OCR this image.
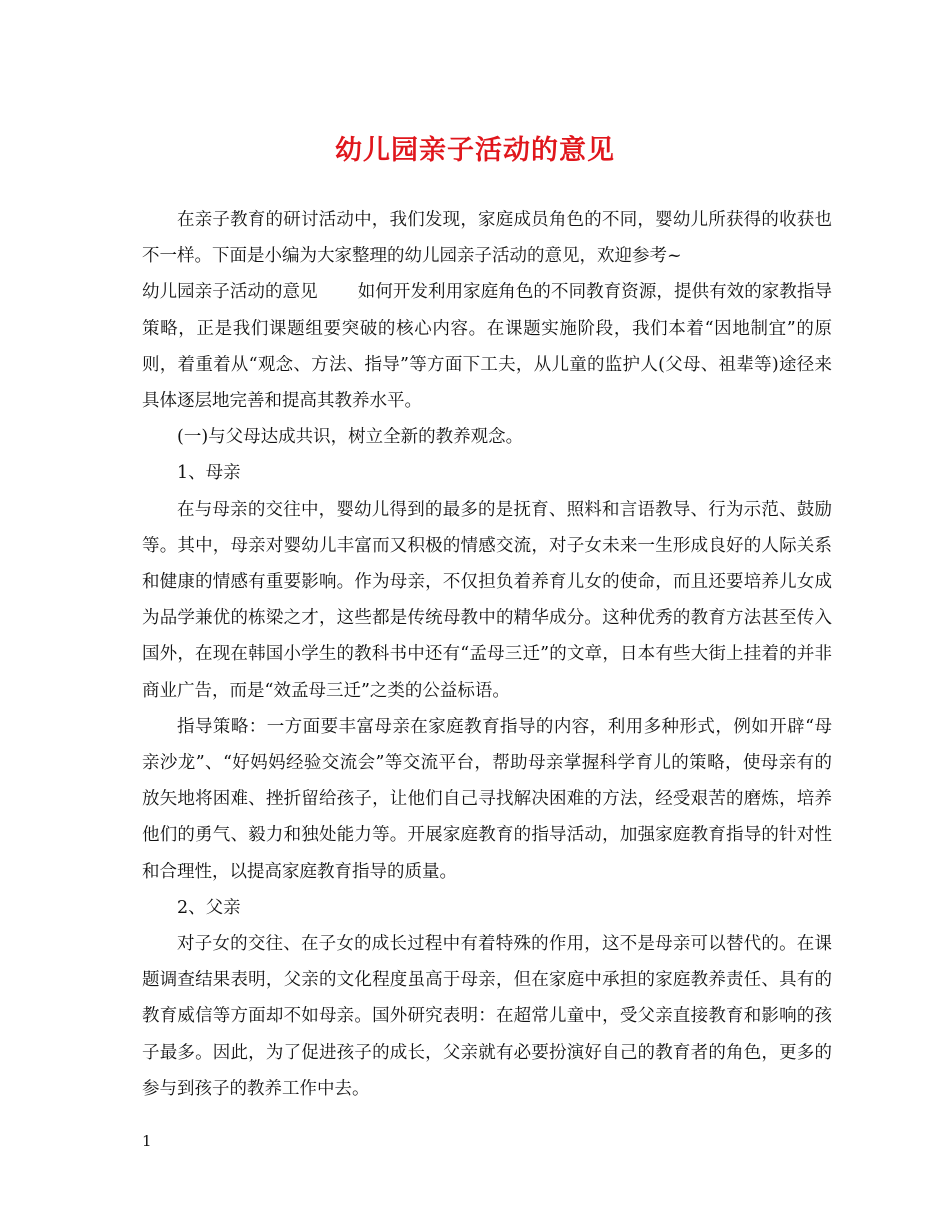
幼儿园亲子活动的意见

在亲子教育的研讨活动中，我们发现，家庭成员角色的不同，婴幼儿所获得的收获也不一样。下面是小编为大家整理的幼儿园亲子活动的意见，欢迎参考~

幼儿园亲子活动的意见 如何开发利用家庭角色的不同教育资源，提供有效的家教指导策略，正是我们课题组要突破的核心内容。在课题实施阶段，我们本着“因地制宜”的原则，着重着从“观念、方法、指导”等方面下工夫，从儿童的监护人(父母、祖辈等)途径来具体逐层地完善和提高其教养水平。

(一)与父母达成共识，树立全新的教养观念。

1、母亲

在与母亲的交往中，婴幼儿得到的最多的是抚育、照料和言语教导、行为示范、鼓励等。其中，母亲对婴幼儿丰富而又积极的情感交流，对子女未来一生形成良好的人际关系和健康的情感有重要影响。作为母亲，不仅担负着养育儿女的使命，而且还要培养儿女成为品学兼优的栋梁之才，这些都是传统母教中的精华成分。这种优秀的教育方法甚至传入国外，在现在韩国小学生的教科书中还有“孟母三迁”的文章，日本有些大街上挂着的并非商业广告，而是“效孟母三迁”之类的公益标语。

指导策略：一方面要丰富母亲在家庭教育指导的内容，利用多种形式，例如开辟“母亲沙龙”、“好妈妈经验交流会”等交流平台，帮助母亲掌握科学育儿的策略，使母亲有的放矢地将困难、挫折留给孩子，让他们自己寻找解决困难的方法，经受艰苦的磨炼，培养他们的勇气、毅力和独处能力等。开展家庭教育的指导活动，加强家庭教育指导的针对性和合理性，以提高家庭教育指导的质量。

2、父亲

对子女的交往、在子女的成长过程中有着特殊的作用，这不是母亲可以替代的。在课题调查结果表明，父亲的文化程度虽高于母亲，但在家庭中承担的家庭教养责任、具有的教育威信等方面却不如母亲。国外研究表明：在超常儿童中，受父亲直接教育和影响的孩子最多。因此，为了促进孩子的成长，父亲就有必要扮演好自己的教育者的角色，更多的参与到孩子的教养工作中去。

1
